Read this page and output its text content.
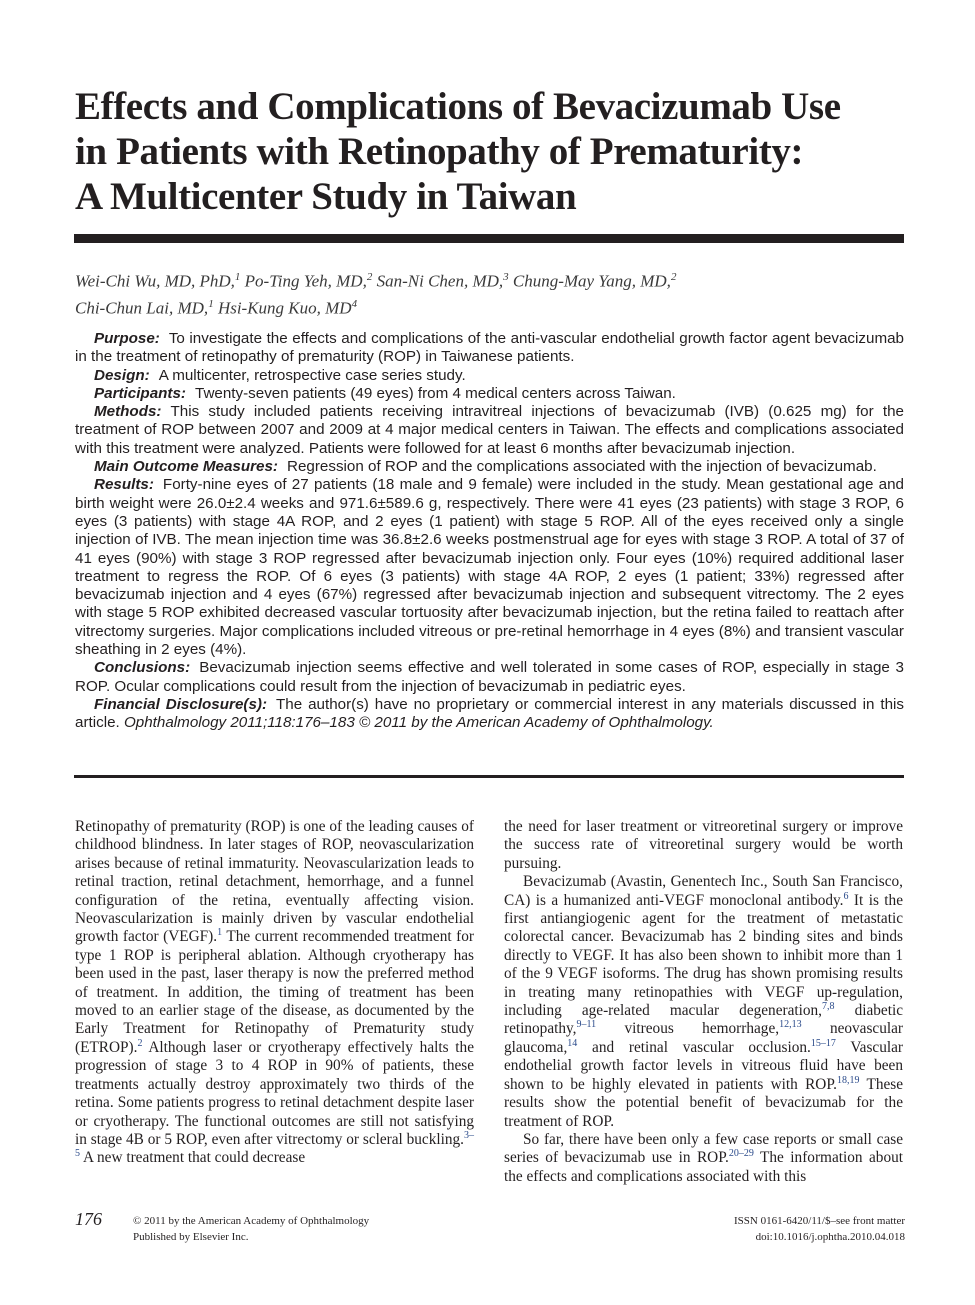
Effects and Complications of Bevacizumab Use
in Patients with Retinopathy of Prematurity:
A Multicenter Study in Taiwan
Wei-Chi Wu, MD, PhD,$^1$ Po-Ting Yeh, MD,$^2$ San-Ni Chen, MD,$^3$ Chung-May Yang, MD,$^2$
Chi-Chun Lai, MD,$^1$ Hsi-Kung Kuo, $MD^4$

Purpose: To investigate the effects and complications of the anti-vascular endothelial growth factor agent bevacizumab in the treatment of retinopathy of prematurity (ROP) in Taiwanese patients.

Design: A multicenter, retrospective case series study.

Participants: Twenty-seven patients (49 eyes) from 4 medical centers across Taiwan.

Methods: This study included patients receiving intravitreal injections of bevacizumab (IVB) (0.625 mg) for the treatment of ROP between 2007 and 2009 at 4 major medical centers in Taiwan. The effects and complications associated with this treatment were analyzed. Patients were followed for at least 6 months after bevacizumab injection.

Main Outcome Measures: Regression of ROP and the complications associated with the injection of bevacizumab.

Results: Forty-nine eyes of 27 patients (18 male and 9 female) were included in the study. Mean gestational age and birth weight were 26.0±2.4 weeks and 971.6±589.6 g, respectively. There were 41 eyes (23 patients) with stage 3 ROP, 6 eyes (3 patients) with stage 4A ROP, and 2 eyes (1 patient) with stage 5 ROP. All of the eyes received only a single injection of IVB. The mean injection time was 36.8±2.6 weeks postmenstrual age for eyes with stage 3 ROP. A total of 37 of 41 eyes (90%) with stage 3 ROP regressed after bevacizumab injection only. Four eyes (10%) required additional laser treatment to regress the ROP. Of 6 eyes (3 patients) with stage 4A ROP, 2 eyes (1 patient; 33%) regressed after bevacizumab injection and 4 eyes (67%) regressed after bevacizumab injection and subsequent vitrectomy. The 2 eyes with stage 5 ROP exhibited decreased vascular tortuosity after bevacizumab injection, but the retina failed to reattach after vitrectomy surgeries. Major complications included vitreous or pre-retinal hemorrhage in 4 eyes (8%) and transient vascular sheathing in 2 eyes (4%).

Conclusions: Bevacizumab injection seems effective and well tolerated in some cases of ROP, especially in stage 3 ROP. Ocular complications could result from the injection of bevacizumab in pediatric eyes.

Financial Disclosure(s): The author(s) have no proprietary or commercial interest in any materials discussed in this article. Ophthalmology 2011;118:176–183 © 2011 by the American Academy of Ophthalmology.

Retinopathy of prematurity (ROP) is one of the leading causes of childhood blindness. In later stages of ROP, neovascularization arises because of retinal immaturity. Neovascularization leads to retinal traction, retinal detachment, hemorrhage, and a funnel configuration of the retina, eventually affecting vision. Neovascularization is mainly driven by vascular endothelial growth factor (VEGF).$^1$ The current recommended treatment for type 1 ROP is peripheral ablation. Although cryotherapy has been used in the past, laser therapy is now the preferred method of treatment. In addition, the timing of treatment has been moved to an earlier stage of the disease, as documented by the Early Treatment for Retinopathy of Prematurity study (ETROP).$^2$ Although laser or cryotherapy effectively halts the progression of stage 3 to 4 ROP in 90% of patients, these treatments actually destroy approximately two thirds of the retina. Some patients progress to retinal detachment despite laser or cryotherapy. The functional outcomes are still not satisfying in stage 4B or 5 ROP, even after vitrectomy or scleral buckling.$^{3-5}$ A new treatment that could decrease

the need for laser treatment or vitreoretinal surgery or improve the success rate of vitreoretinal surgery would be worth pursuing.

Bevacizumab (Avastin, Genentech Inc., South San Francisco, CA) is a humanized anti-VEGF monoclonal antibody.$^6$ It is the first antiangiogenic agent for the treatment of metastatic colorectal cancer. Bevacizumab has 2 binding sites and binds directly to VEGF. It has also been shown to inhibit more than 1 of the 9 VEGF isoforms. The drug has shown promising results in treating many retinopathies with VEGF up-regulation, including age-related macular degeneration,$^{7,8}$ diabetic retinopathy,$^{9-11}$ vitreous hemorrhage,$^{12,13}$ neovascular glaucoma,$^{14}$ and retinal vascular occlusion.$^{15-17}$ Vascular endothelial growth factor levels in vitreous fluid have been shown to be highly elevated in patients with ROP.$^{18,19}$ These results show the potential benefit of bevacizumab for the treatment of ROP.

So far, there have been only a few case reports or small case series of bevacizumab use in ROP.$^{20-29}$ The information about the effects and complications associated with this

176	© 2011 by the American Academy of Ophthalmology
Published by Elsevier Inc.
ISSN 0161-6420/11/$–see front matter
doi:10.1016/j.ophtha.2010.04.018
